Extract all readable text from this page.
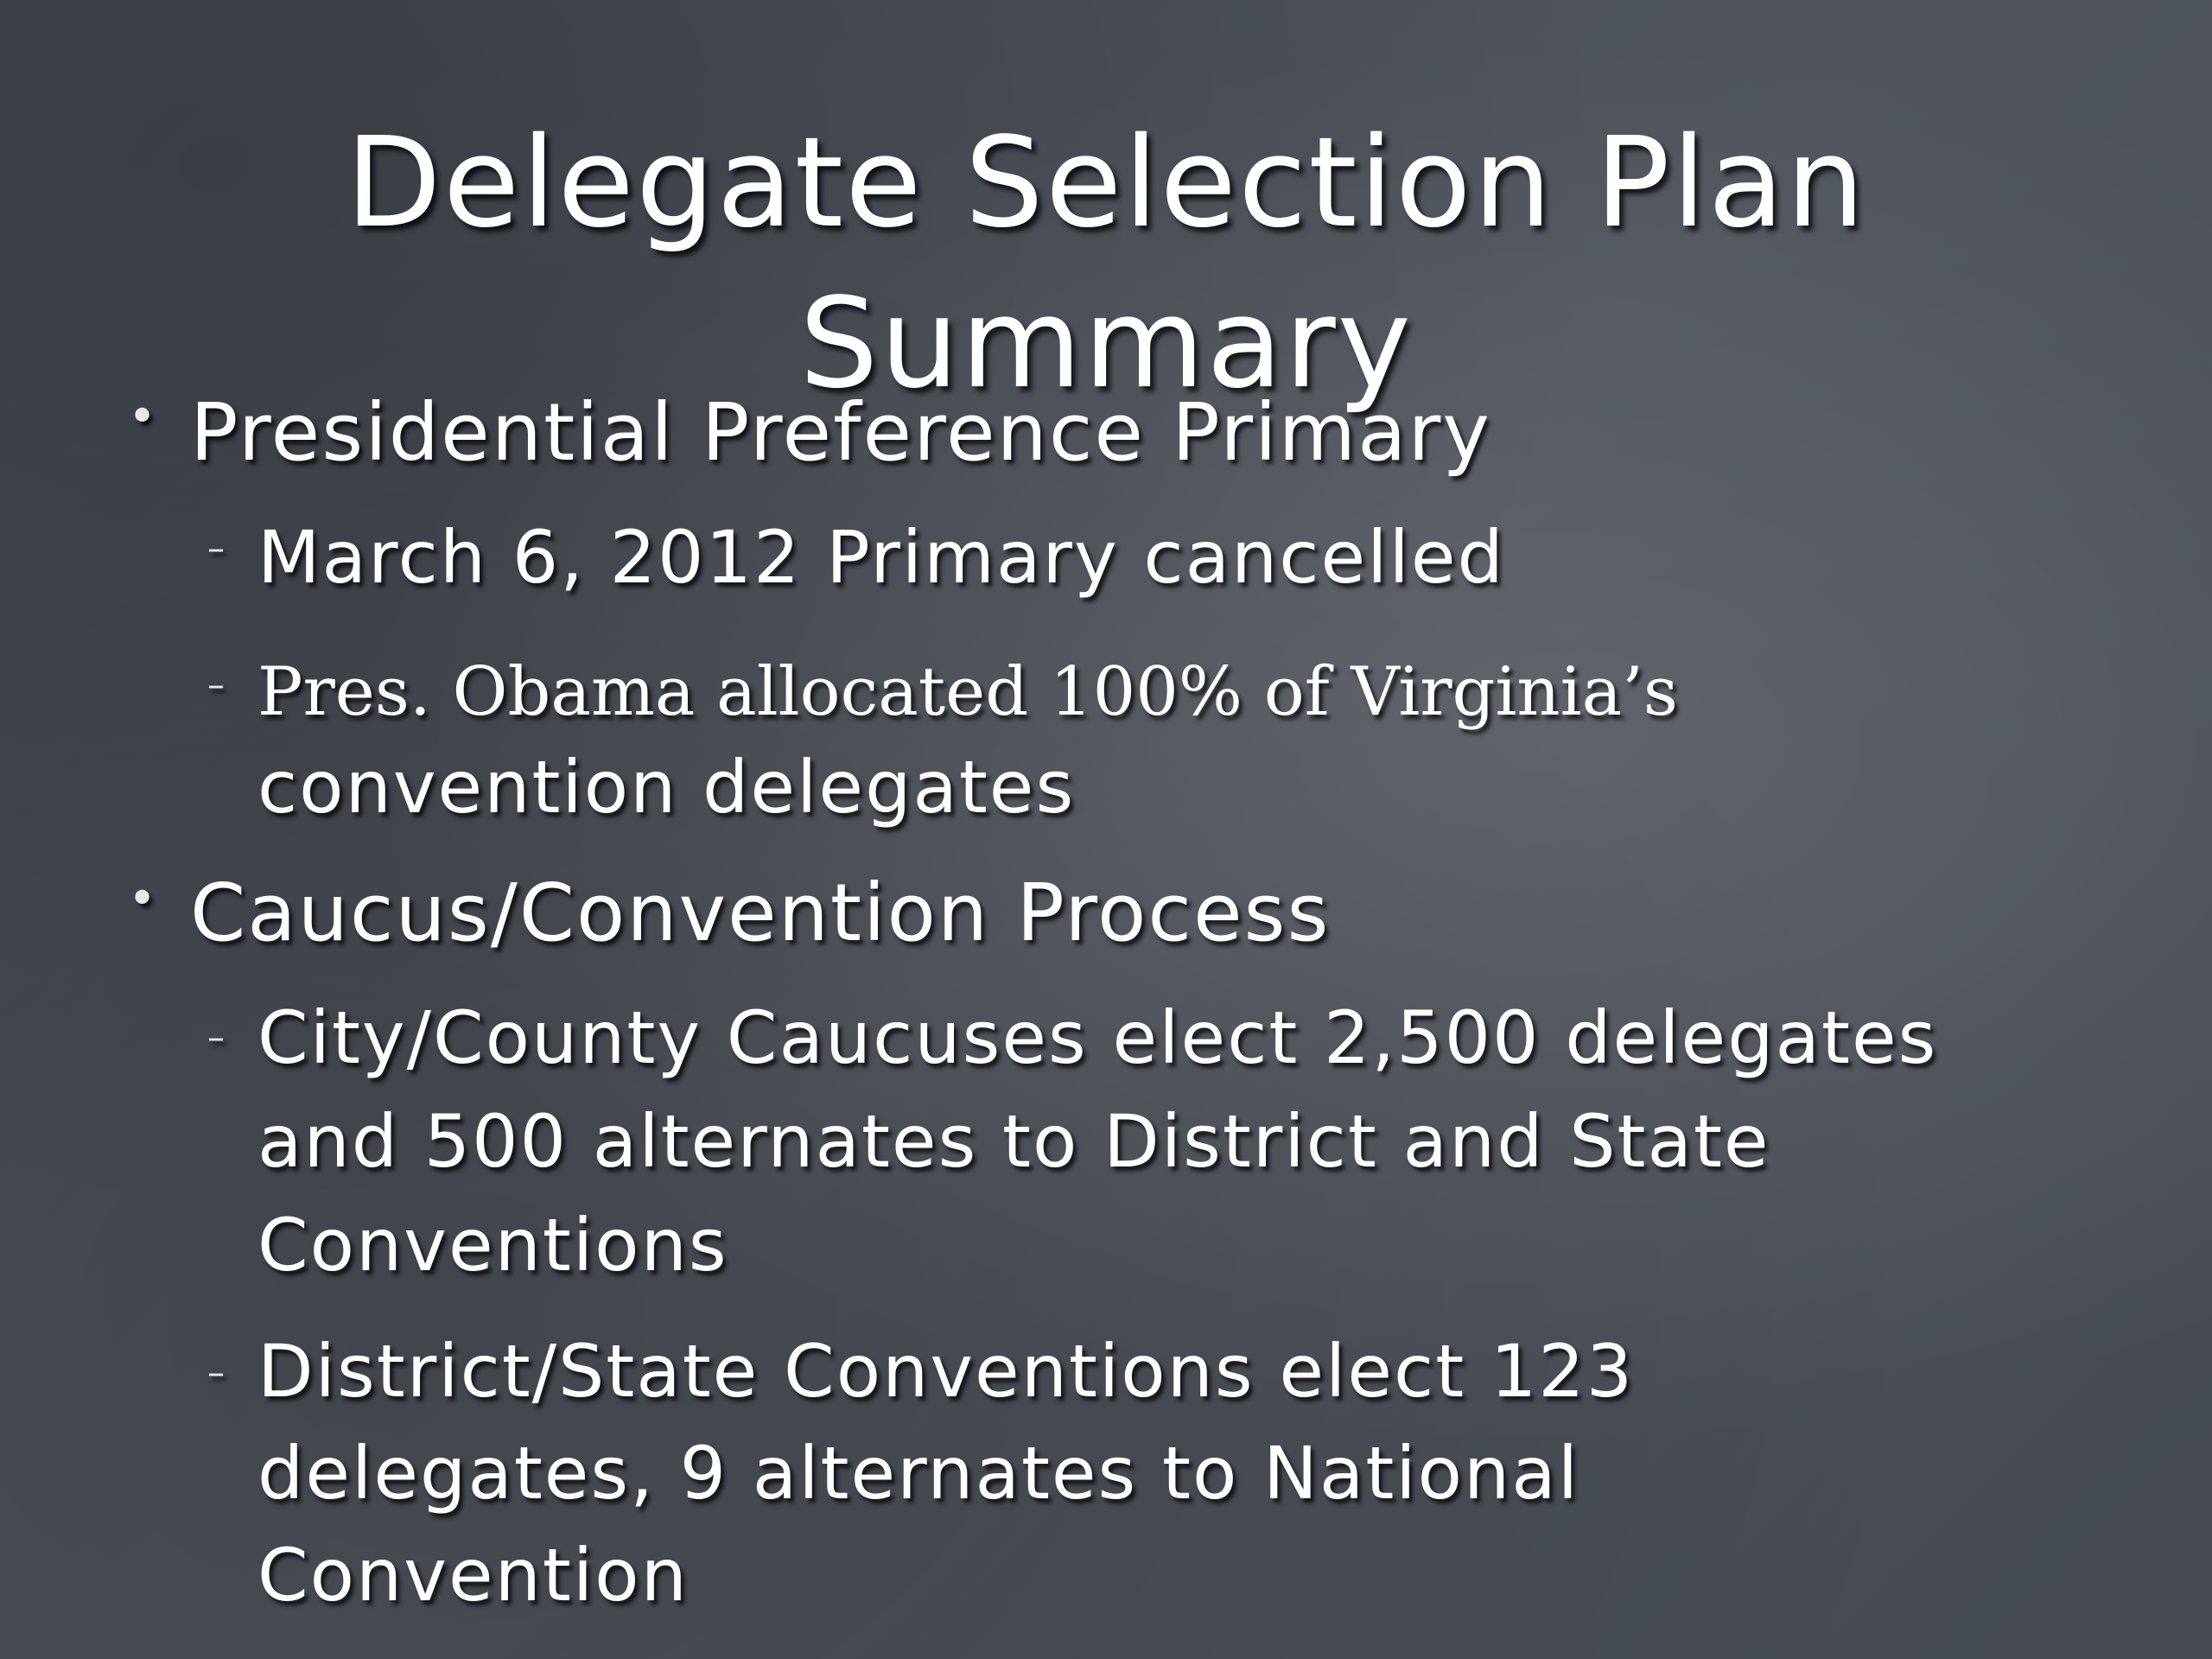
Delegate Selection Plan
Summary
• Presidential Preference Primary
– March 6, 2012 Primary cancelled
– Pres. Obama allocated 100% of Virginia’s
convention delegates
• Caucus/Convention Process
– City/County Caucuses elect 2,500 delegates
and 500 alternates to District and State
Conventions
– District/State Conventions elect 123
delegates, 9 alternates to National
Convention
